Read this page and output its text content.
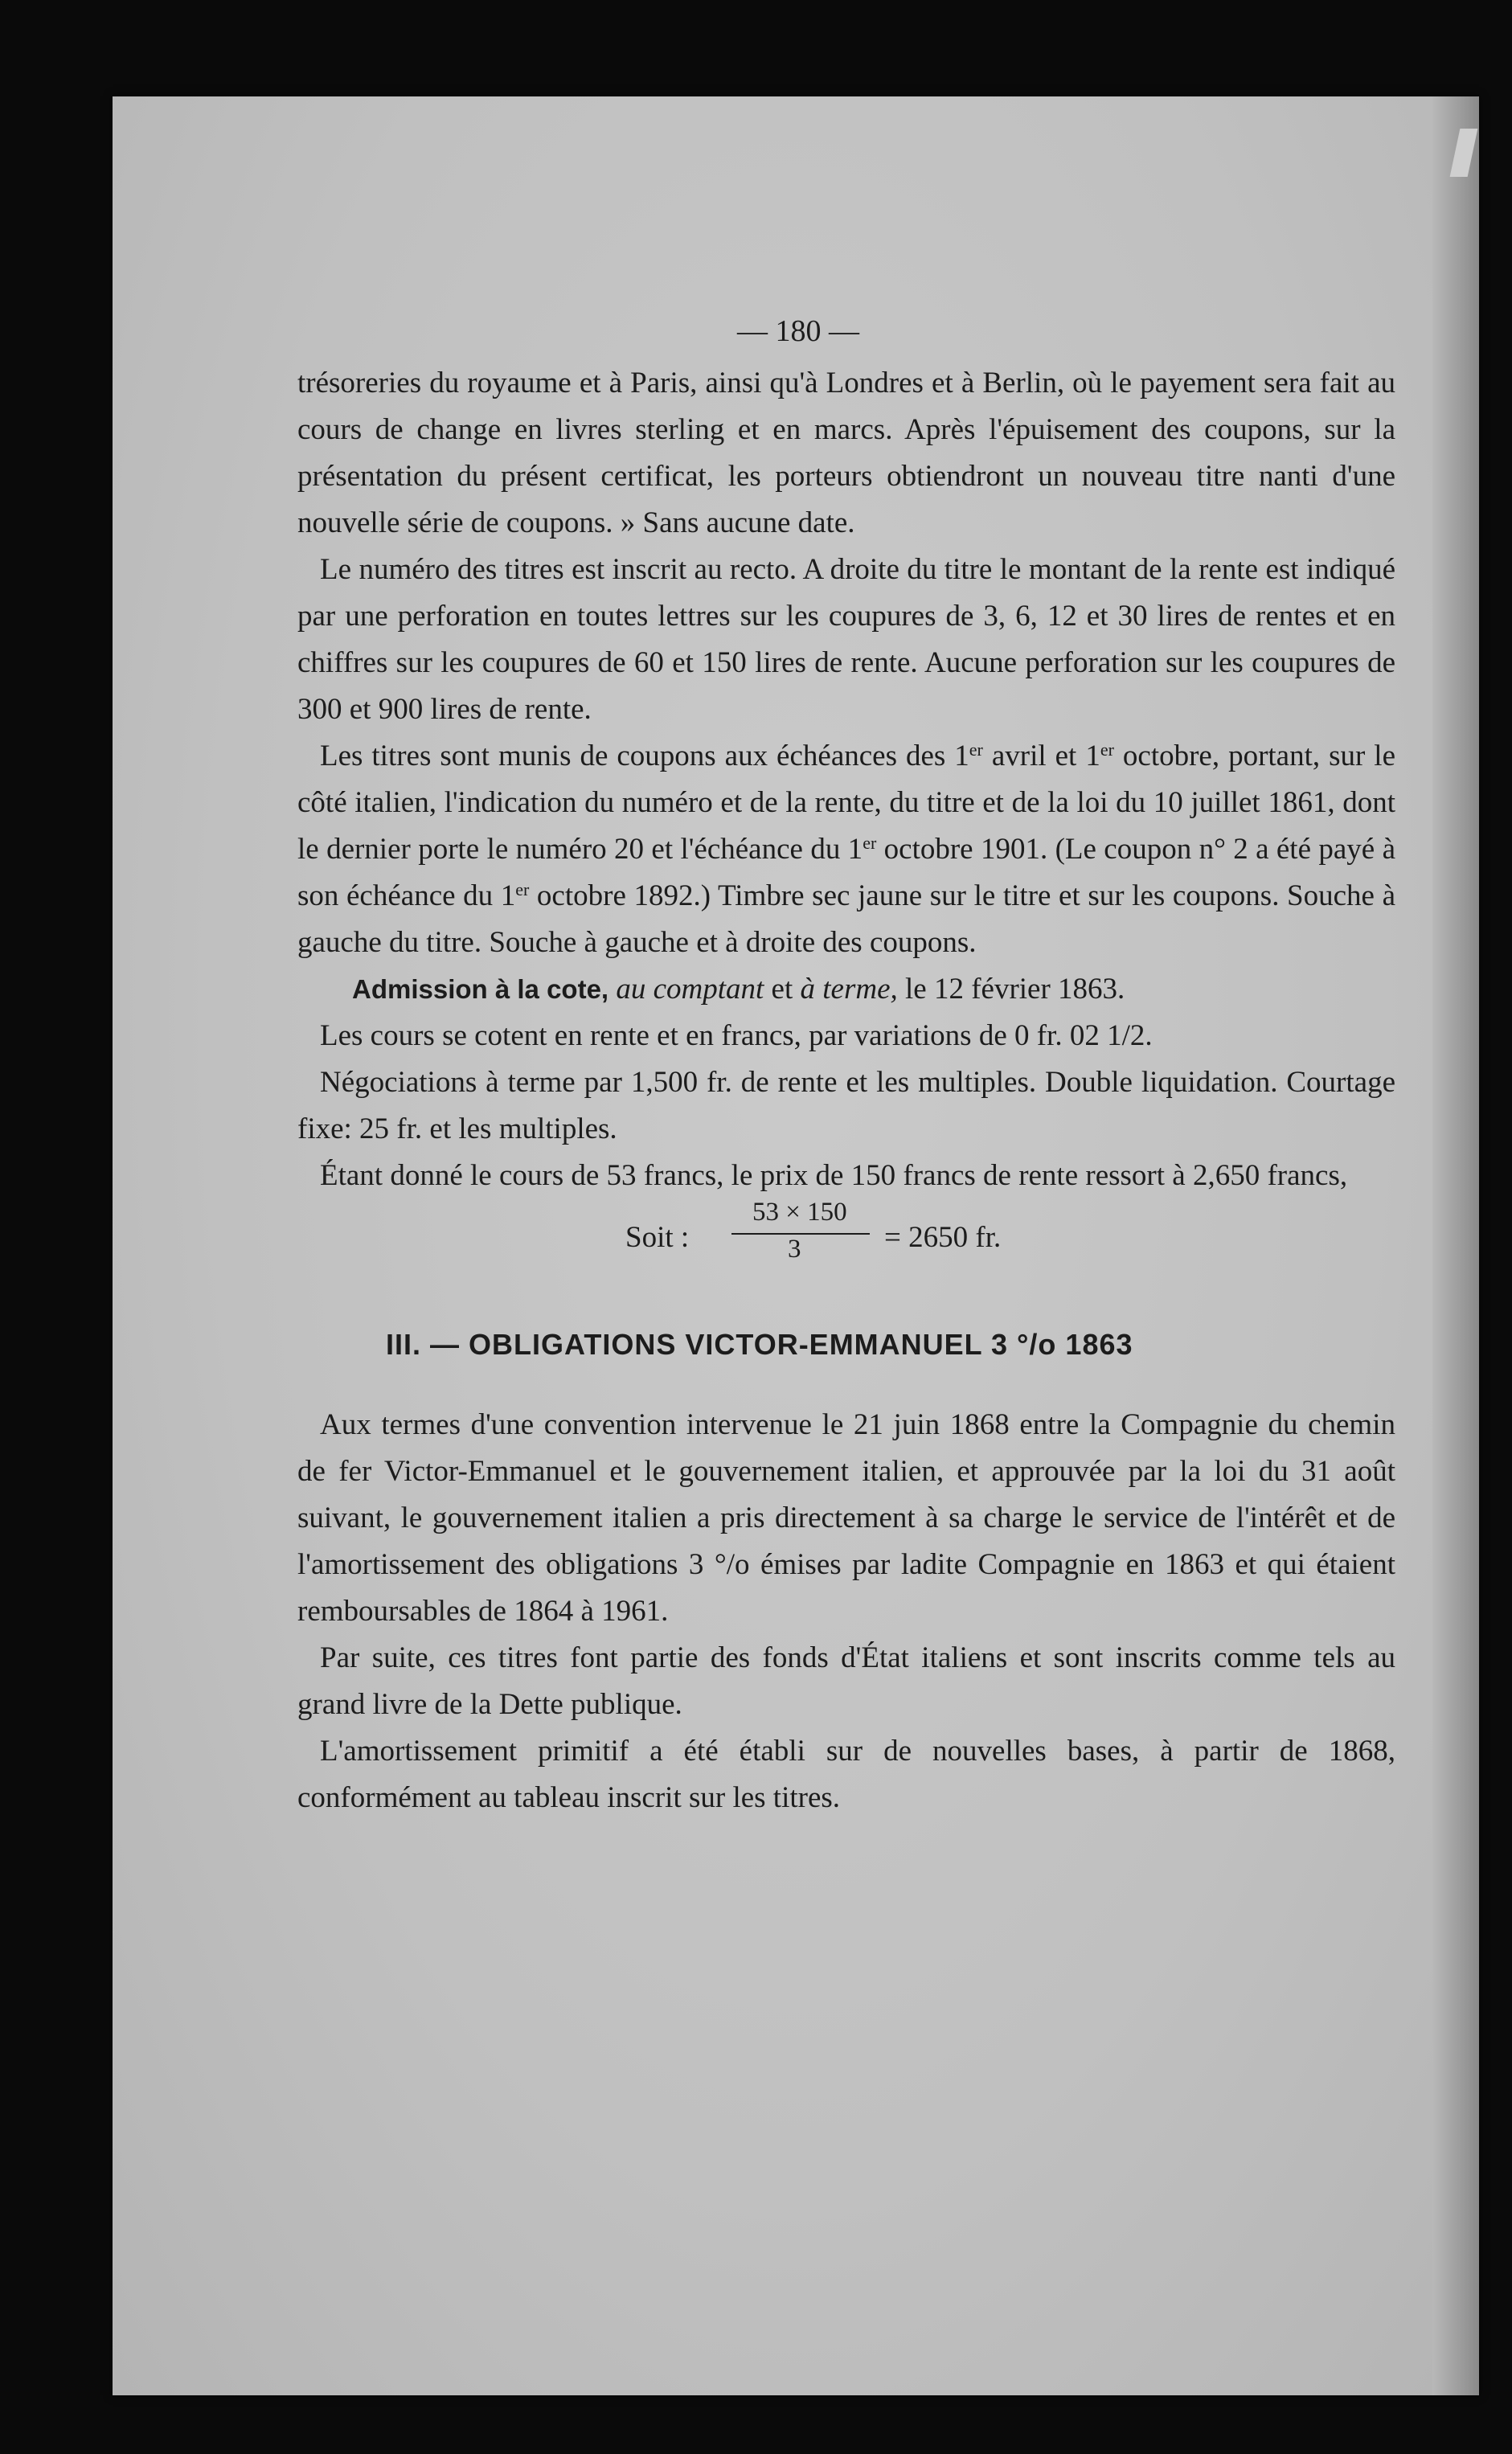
— 180 —

trésoreries du royaume et à Paris, ainsi qu'à Londres et à Berlin, où le payement sera fait au cours de change en livres sterling et en marcs. Après l'épuisement des coupons, sur la présentation du présent certificat, les porteurs obtiendront un nouveau titre nanti d'une nouvelle série de coupons. » Sans aucune date.

Le numéro des titres est inscrit au recto. A droite du titre le montant de la rente est indiqué par une perforation en toutes lettres sur les coupures de 3, 6, 12 et 30 lires de rentes et en chiffres sur les coupures de 60 et 150 lires de rente. Aucune perforation sur les coupures de 300 et 900 lires de rente.

Les titres sont munis de coupons aux échéances des 1er avril et 1er octobre, portant, sur le côté italien, l'indication du numéro et de la rente, du titre et de la loi du 10 juillet 1861, dont le dernier porte le numéro 20 et l'échéance du 1er octobre 1901. (Le coupon n° 2 a été payé à son échéance du 1er octobre 1892.) Timbre sec jaune sur le titre et sur les coupons. Souche à gauche du titre. Souche à gauche et à droite des coupons.

Admission à la cote, au comptant et à terme, le 12 février 1863.

Les cours se cotent en rente et en francs, par variations de 0 fr. 02 1/2.

Négociations à terme par 1,500 fr. de rente et les multiples. Double liquidation. Courtage fixe: 25 fr. et les multiples.

Étant donné le cours de 53 francs, le prix de 150 francs de rente ressort à 2,650 francs,

Soit :
53 × 150
3	= 2650 fr.
III. — OBLIGATIONS VICTOR-EMMANUEL 3 °/o 1863

Aux termes d'une convention intervenue le 21 juin 1868 entre la Compagnie du chemin de fer Victor-Emmanuel et le gouvernement italien, et approuvée par la loi du 31 août suivant, le gouvernement italien a pris directement à sa charge le service de l'intérêt et de l'amortissement des obligations 3 °/o émises par ladite Compagnie en 1863 et qui étaient remboursables de 1864 à 1961.

Par suite, ces titres font partie des fonds d'État italiens et sont inscrits comme tels au grand livre de la Dette publique.

L'amortissement primitif a été établi sur de nouvelles bases, à partir de 1868, conformément au tableau inscrit sur les titres.
